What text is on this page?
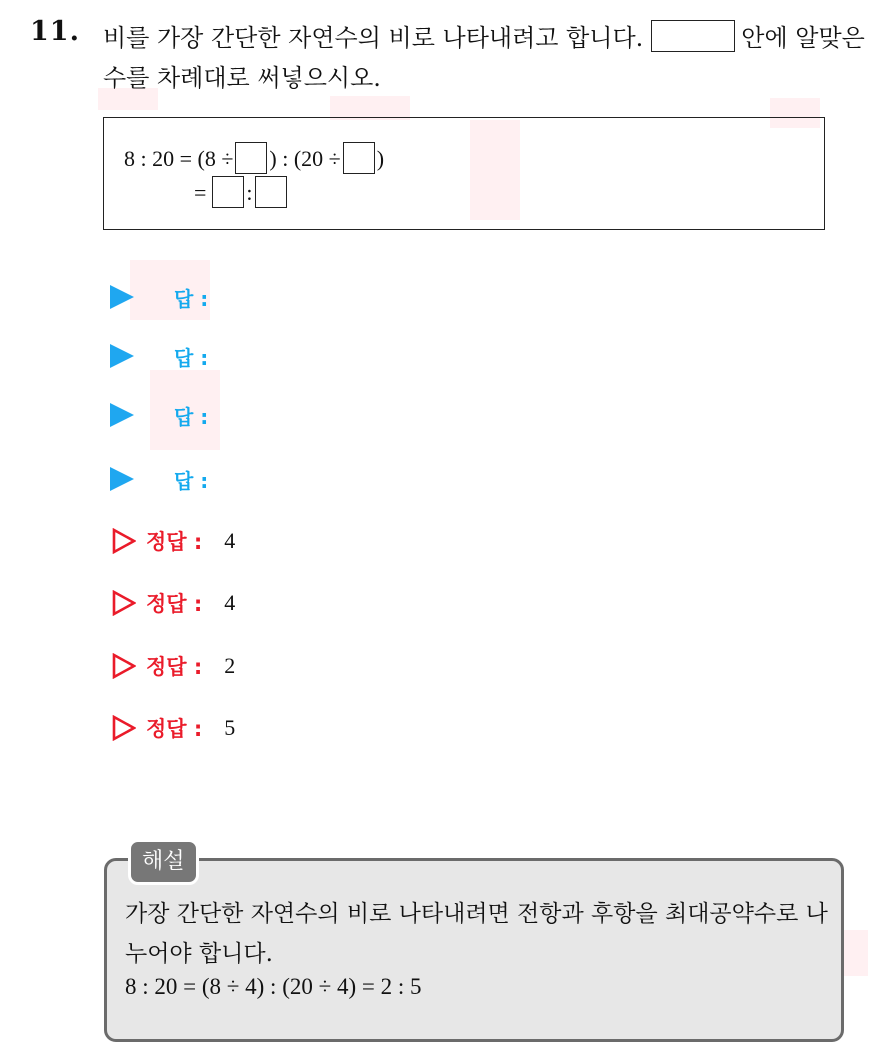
11. 비를 가장 간단한 자연수의 비로 나타내려고 합니다.	안에 알맞은 수를 차례대로 써넣으시오.
8 : 20 = (8 ÷ ) : (20 ÷ )
= :
답 :
답 :
답 :
답 :
정답 : 4
정답 : 4
정답 : 2
정답 : 5
해설
가장 간단한 자연수의 비로 나타내려면 전항과 후항을 최대공약수로 나누어야 합니다.
8 : 20 = (8 ÷ 4) : (20 ÷ 4) = 2 : 5
